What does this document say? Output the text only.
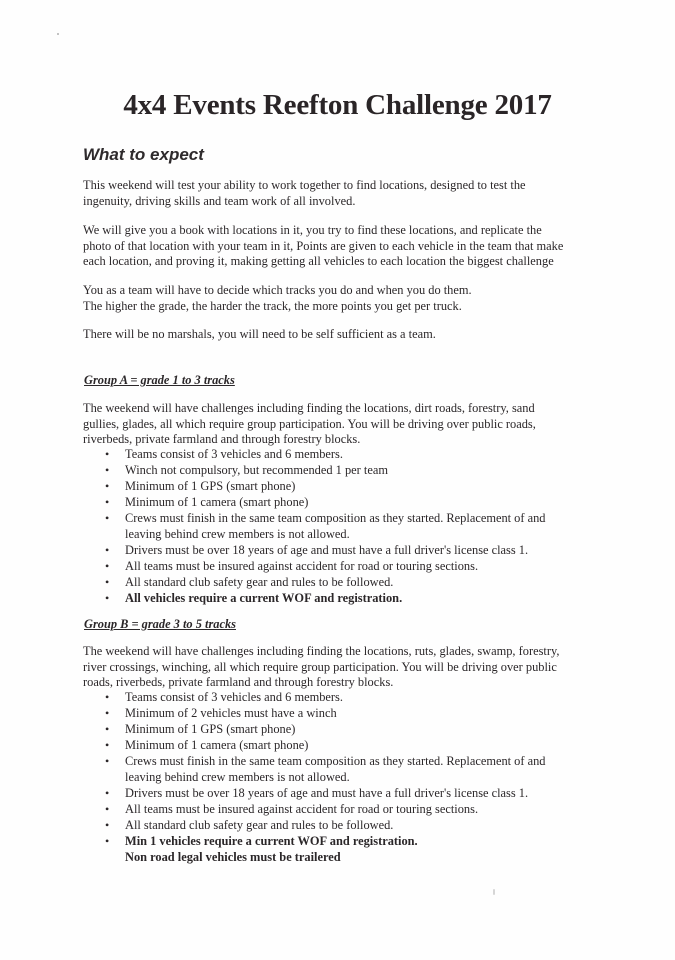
4x4 Events Reefton Challenge 2017
What to expect

This weekend will test your ability to work together to find locations, designed to test the
ingenuity, driving skills and team work of all involved.

We will give you a book with locations in it, you try to find these locations, and replicate the
photo of that location with your team in it, Points are given to each vehicle in the team that make
each location, and proving it, making getting all vehicles to each location the biggest challenge

You as a team will have to decide which tracks you do and when you do them.
The higher the grade, the harder the track, the more points you get per truck.

There will be no marshals, you will need to be self sufficient as a team.

Group A = grade 1 to 3 tracks

The weekend will have challenges including finding the locations, dirt roads, forestry, sand
gullies, glades, all which require group participation. You will be driving over public roads,
riverbeds, private farmland and through forestry blocks.

• Teams consist of 3 vehicles and 6 members.
• Winch not compulsory, but recommended 1 per team
• Minimum of 1 GPS (smart phone)
• Minimum of 1 camera (smart phone)
• Crews must finish in the same team composition as they started. Replacement of and
leaving behind crew members is not allowed.
• Drivers must be over 18 years of age and must have a full driver's license class 1.
• All teams must be insured against accident for road or touring sections.
• All standard club safety gear and rules to be followed.
• All vehicles require a current WOF and registration.
Group B = grade 3 to 5 tracks

The weekend will have challenges including finding the locations, ruts, glades, swamp, forestry,
river crossings, winching, all which require group participation. You will be driving over public
roads, riverbeds, private farmland and through forestry blocks.

• Teams consist of 3 vehicles and 6 members.
• Minimum of 2 vehicles must have a winch
• Minimum of 1 GPS (smart phone)
• Minimum of 1 camera (smart phone)
• Crews must finish in the same team composition as they started. Replacement of and
leaving behind crew members is not allowed.
• Drivers must be over 18 years of age and must have a full driver's license class 1.
• All teams must be insured against accident for road or touring sections.
• All standard club safety gear and rules to be followed.
• Min 1 vehicles require a current WOF and registration.
Non road legal vehicles must be trailered
